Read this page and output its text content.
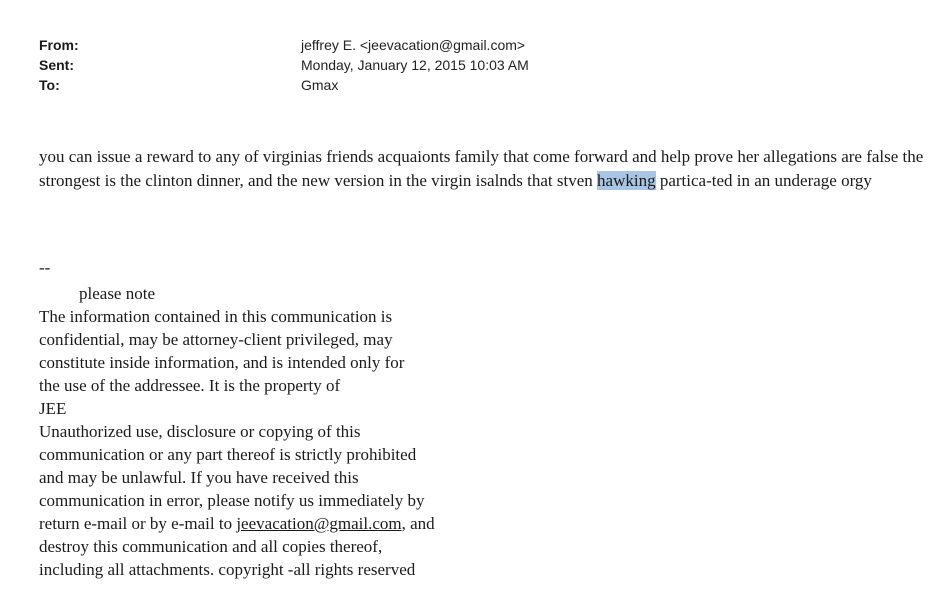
From:	jeffrey E. <jeevacation@gmail.com>
Sent:	Monday, January 12, 2015 10:03 AM
To:	Gmax
you can issue a reward to any of virginias friends acquaionts family that come forward and help prove her allegations are false the strongest is the clinton dinner, and the new version in the virgin isalnds that stven hawking partica-ted in an underage orgy
--
please note
The information contained in this communication is
confidential, may be attorney-client privileged, may
constitute inside information, and is intended only for
the use of the addressee. It is the property of
JEE
Unauthorized use, disclosure or copying of this
communication or any part thereof is strictly prohibited
and may be unlawful. If you have received this
communication in error, please notify us immediately by
return e-mail or by e-mail to jeevacation@gmail.com, and
destroy this communication and all copies thereof,
including all attachments. copyright -all rights reserved
